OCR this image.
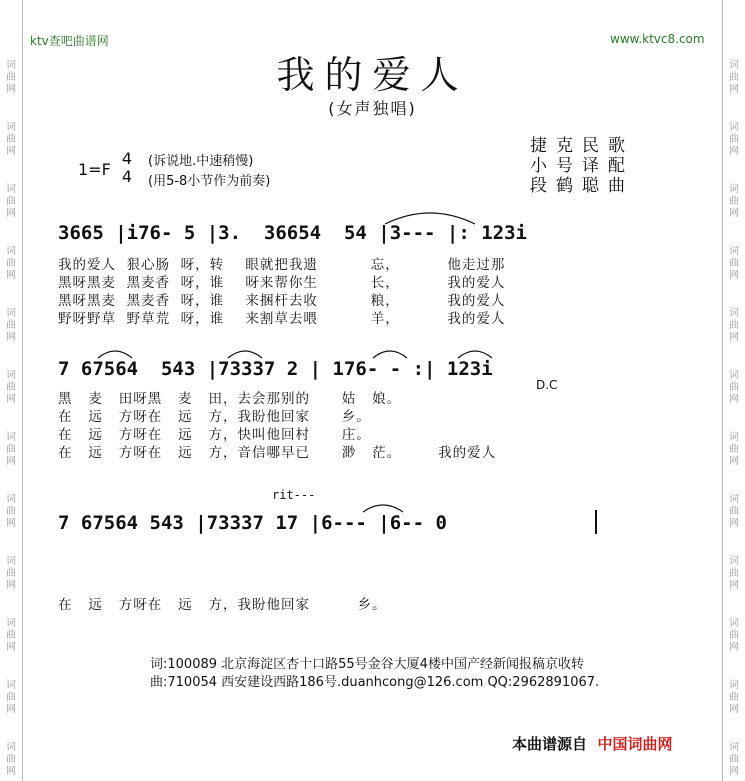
词
曲
网
词
曲
网
词
曲
网
词
曲
网
词
曲
网
词
曲
网
词
曲
网
词
曲
网
词
曲
网
词
曲
网
词
曲
网
词
曲
网
词
曲
网
词
曲
网
词
曲
网
词
曲
网
词
曲
网
词
曲
网
词
曲
网
词
曲
网
词
曲
网
词
曲
网
词
曲
网
词
曲
网
ktv查吧曲谱网	www.ktvc8.com
我的爱人
(女声独唱)
捷克民歌
小号译配
段鹤聪曲
1=F
4
4
(诉说地.中速稍慢)
(用5-8小节作为前奏)
3665 |i76- 5 |3.  36654  54 |3--- |: 123i
我的爱人  狠心肠  呀，转    眼就把我遗          忘，         他走过那
黑呀黑麦  黑麦香  呀，谁    呀来帮你生          长，         我的爱人
黑呀黑麦  黑麦香  呀，谁    来捆杆去收          粮，         我的爱人
野呀野草  野草荒  呀，谁    来割草去喂          羊，         我的爱人
7 67564  543 |73337 2 | 176- - :| 123i
D.C
黑   麦   田呀黑   麦   田，去会那别的      姑   娘。
在   远   方呀在   远   方，我盼他回家      乡。
在   远   方呀在   远   方，快叫他回村      庄。
在   远   方呀在   远   方，音信哪早已      渺   茫。       我的爱人
rit---
7 67564 543 |73337 17 |6--- |6-- 0
在   远   方呀在   远   方，我盼他回家         乡。
词:100089 北京海淀区杏十口路55号金谷大厦4楼中国产经新闻报稿京收转
曲:710054 西安建设西路186号.duanhcong@126.com QQ:2962891067.
本曲谱源自 中国词曲网
